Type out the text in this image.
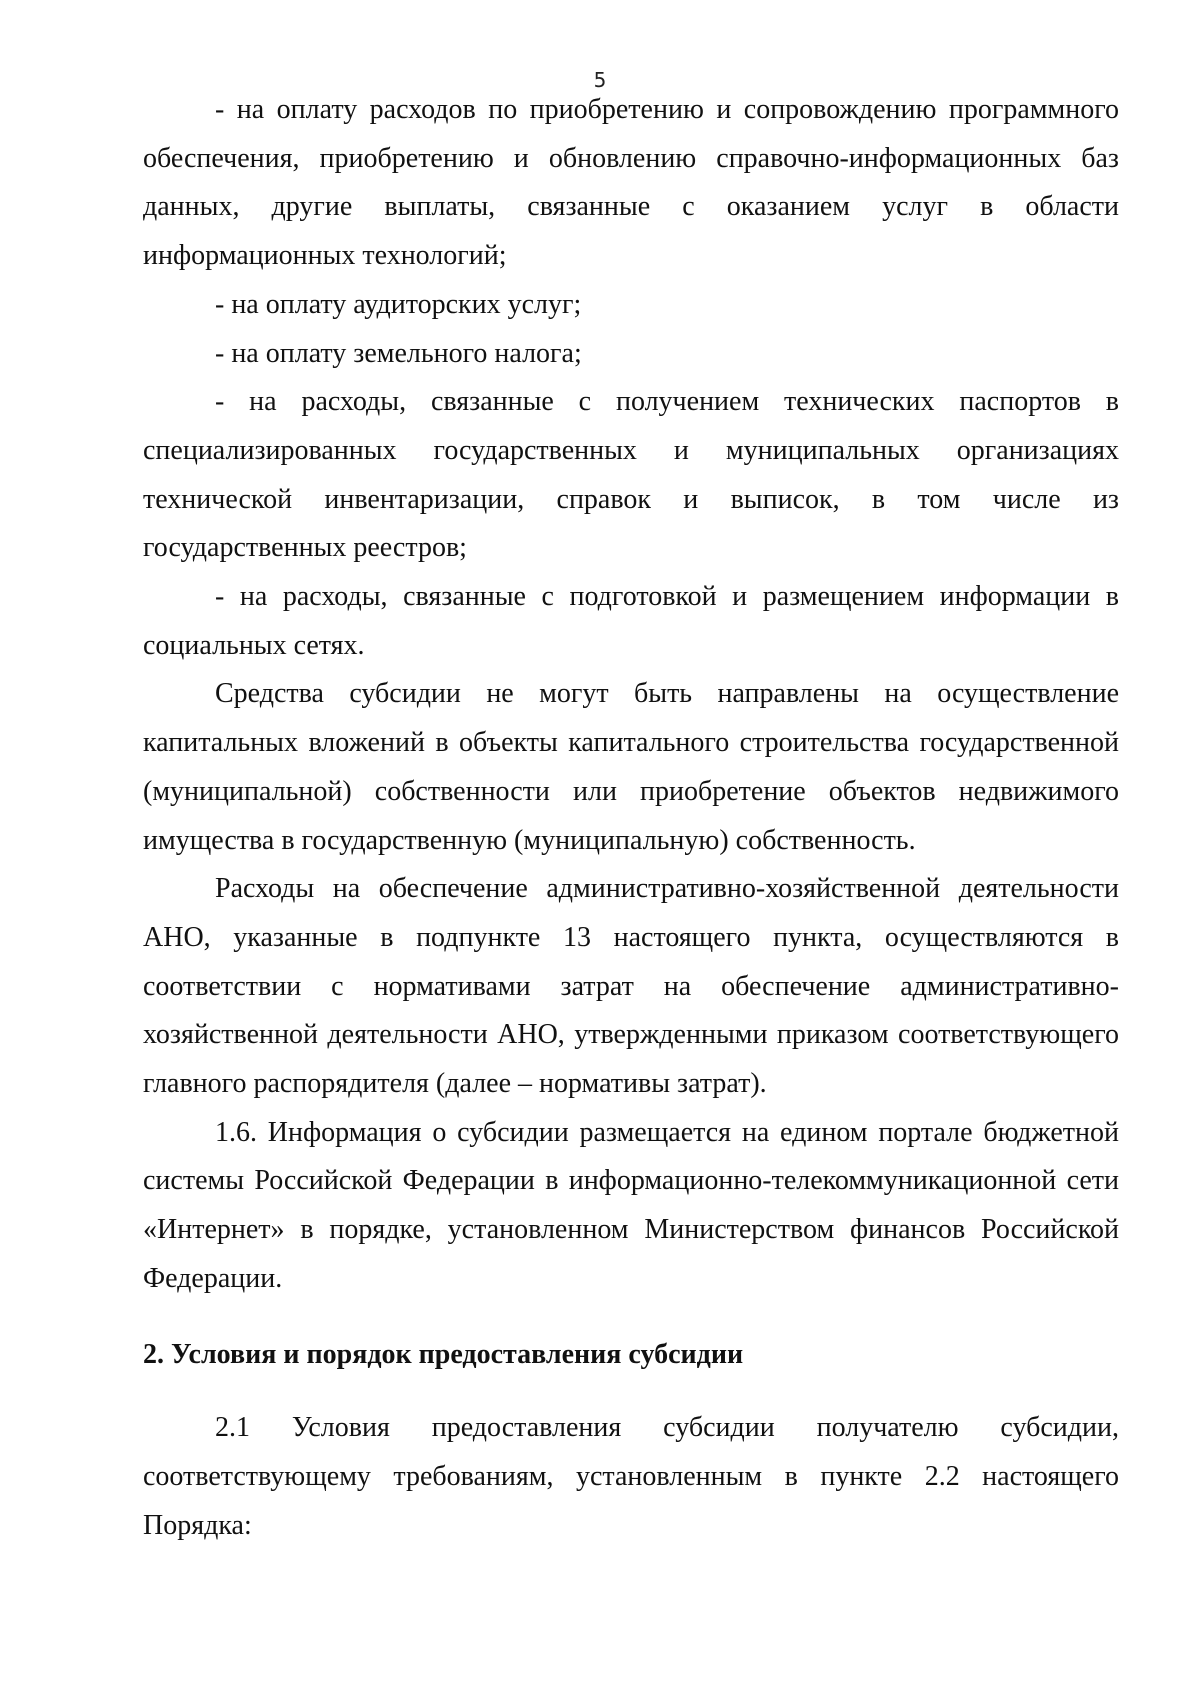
5

- на оплату расходов по приобретению и сопровождению программного обеспечения, приобретению и обновлению справочно-информационных баз данных, другие выплаты, связанные с оказанием услуг в области информационных технологий;

- на оплату аудиторских услуг;

- на оплату земельного налога;

- на расходы, связанные с получением технических паспортов в специализированных государственных и муниципальных организациях технической инвентаризации, справок и выписок, в том числе из государственных реестров;

- на расходы, связанные с подготовкой и размещением информации в социальных сетях.

Средства субсидии не могут быть направлены на осуществление капитальных вложений в объекты капитального строительства государственной (муниципальной) собственности или приобретение объектов недвижимого имущества в государственную (муниципальную) собственность.

Расходы на обеспечение административно-хозяйственной деятельности АНО, указанные в подпункте 13 настоящего пункта, осуществляются в соответствии с нормативами затрат на обеспечение административно-хозяйственной деятельности АНО, утвержденными приказом соответствующего главного распорядителя (далее – нормативы затрат).

1.6. Информация о субсидии размещается на едином портале бюджетной системы Российской Федерации в информационно-телекоммуникационной сети «Интернет» в порядке, установленном Министерством финансов Российской Федерации.

2. Условия и порядок предоставления субсидии

2.1 Условия предоставления субсидии получателю субсидии, соответствующему требованиям, установленным в пункте 2.2 настоящего Порядка:
